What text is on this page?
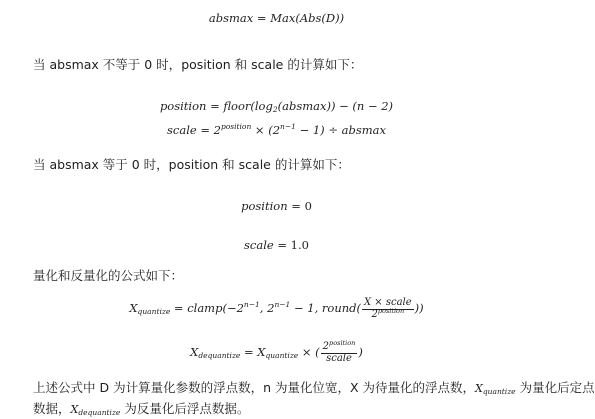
absmax = Max(Abs(D))
当 absmax 不等于 0 时，position 和 scale 的计算如下：
position = $floor(\log_2(absmax)) - (n - 2)$
scale = $2^{position} \times (2^{n-1} - 1) \div absmax$
当 absmax 等于 0 时，position 和 scale 的计算如下：
position = 0
scale = 1.0
量化和反量化的公式如下：
$X_{quantize}$ = $clamp(-2^{n-1}$, $2^{n-1} - 1$, round( $\frac{\text{X × scale}}{2^{position}}$ ))
$X_{dequantize} = X_{quantize}$ × ( $\frac{2^{position}}{\text{scale}}$ )
上述公式中 D 为计算量化参数的浮点数，n 为量化位宽，X 为待量化的浮点数，$X_{quantize}$ 为量化后定点
数据，$X_{dequantize}$ 为反量化后浮点数据。
